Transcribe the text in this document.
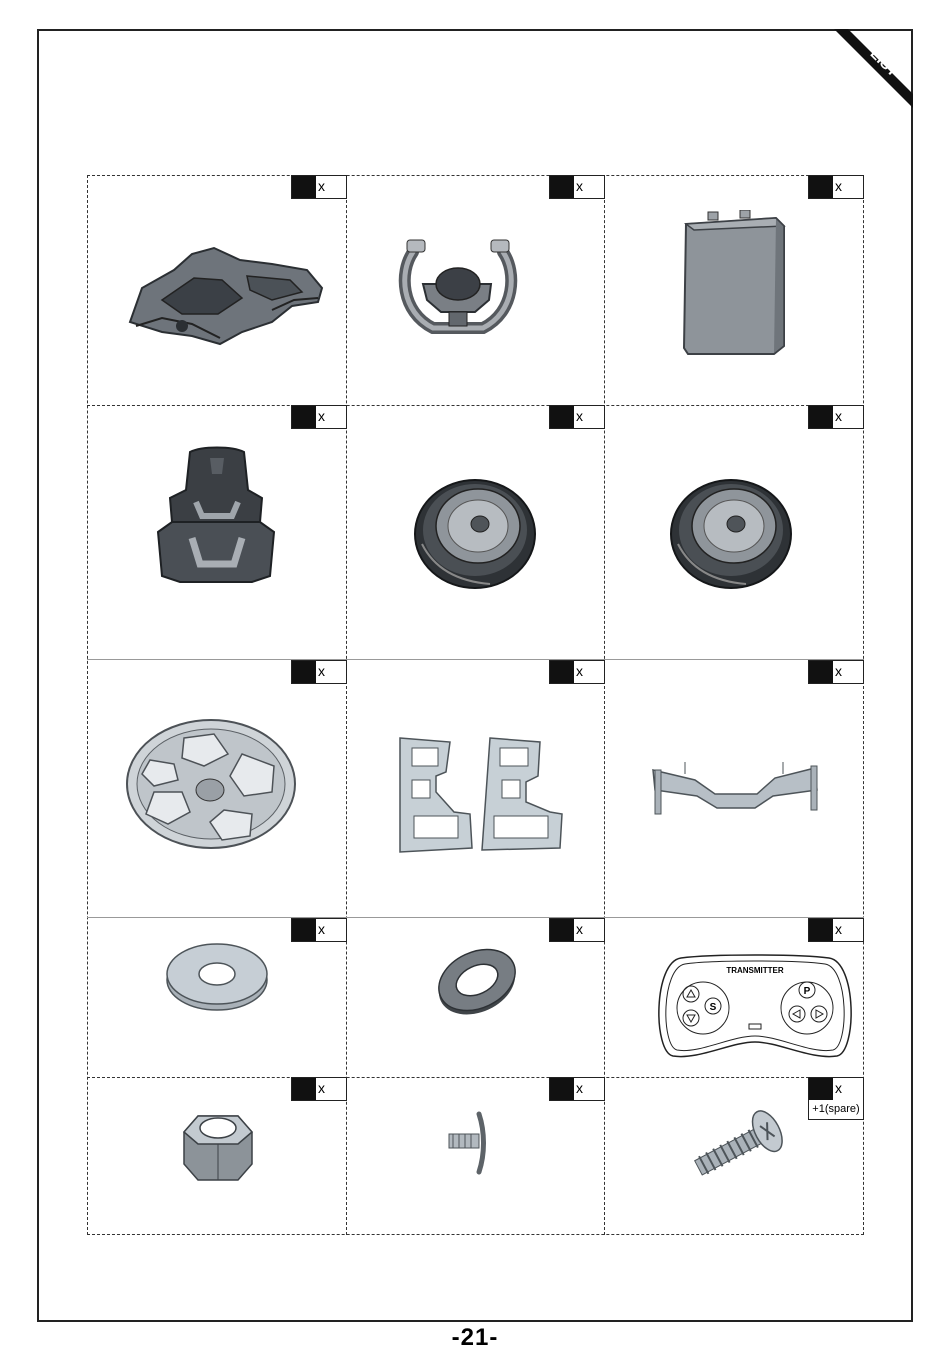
LIST
x	x	x
x	x	x
x	x	x
x	x	x
x	x	x
+1(spare)
TRANSMITTER
S
P
-21-
